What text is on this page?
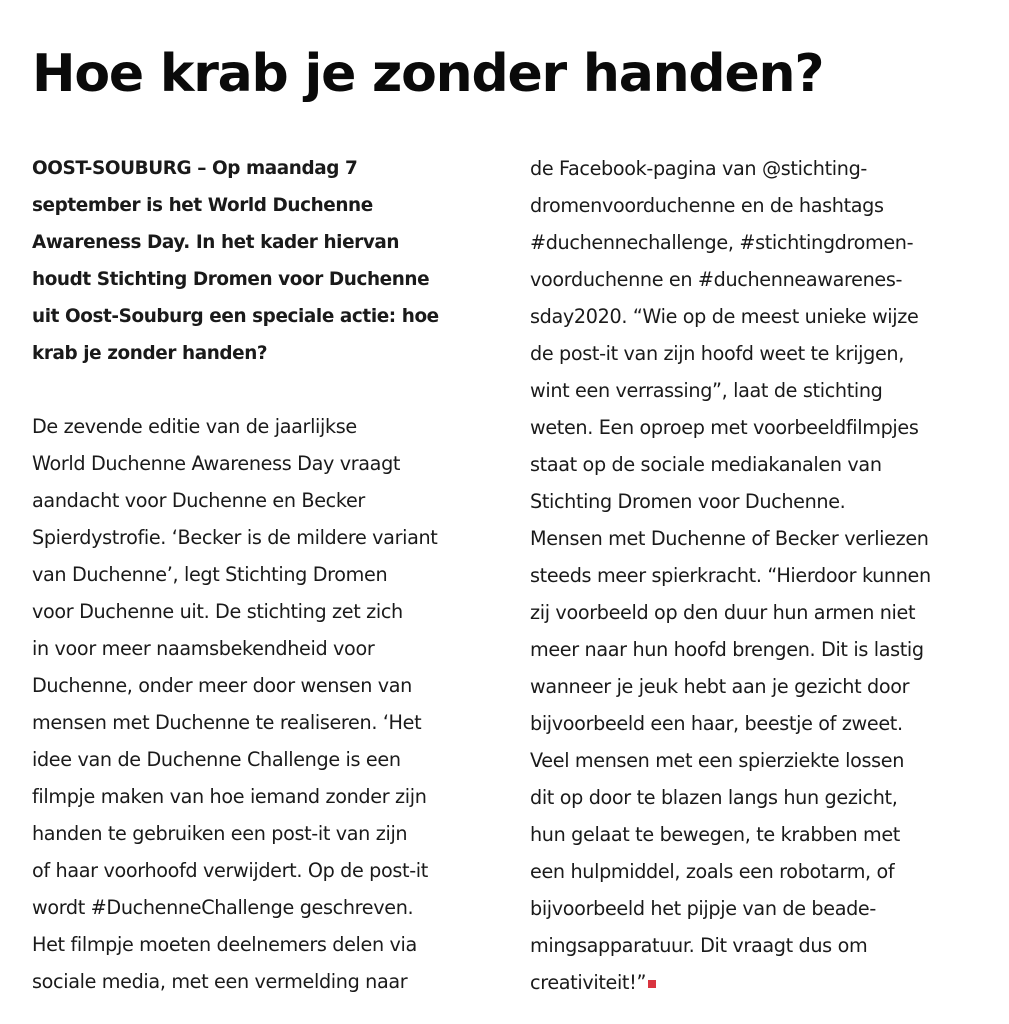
Hoe krab je zonder handen?
OOST-SOUBURG – Op maandag 7
september is het World Duchenne
Awareness Day. In het kader hiervan
houdt Stichting Dromen voor Duchenne
uit Oost-Souburg een speciale actie: hoe
krab je zonder handen?
De zevende editie van de jaarlijkse
World Duchenne Awareness Day vraagt
aandacht voor Duchenne en Becker
Spierdystrofie. ‘Becker is de mildere variant
van Duchenne’, legt Stichting Dromen
voor Duchenne uit. De stichting zet zich
in voor meer naamsbekendheid voor
Duchenne, onder meer door wensen van
mensen met Duchenne te realiseren. ‘Het
idee van de Duchenne Challenge is een
filmpje maken van hoe iemand zonder zijn
handen te gebruiken een post-it van zijn
of haar voorhoofd verwijdert. Op de post-it
wordt #DuchenneChallenge geschreven.
Het filmpje moeten deelnemers delen via
sociale media, met een vermelding naar
de Facebook-pagina van @stichting-
dromenvoorduchenne en de hashtags
#duchennechallenge, #stichtingdromen-
voorduchenne en #duchenneawarenes-
sday2020. “Wie op de meest unieke wijze
de post-it van zijn hoofd weet te krijgen,
wint een verrassing”, laat de stichting
weten. Een oproep met voorbeeldfilmpjes
staat op de sociale mediakanalen van
Stichting Dromen voor Duchenne.
Mensen met Duchenne of Becker verliezen
steeds meer spierkracht. “Hierdoor kunnen
zij voorbeeld op den duur hun armen niet
meer naar hun hoofd brengen. Dit is lastig
wanneer je jeuk hebt aan je gezicht door
bijvoorbeeld een haar, beestje of zweet.
Veel mensen met een spierziekte lossen
dit op door te blazen langs hun gezicht,
hun gelaat te bewegen, te krabben met
een hulpmiddel, zoals een robotarm, of
bijvoorbeeld het pijpje van de beade-
mingsapparatuur. Dit vraagt dus om
creativiteit!”
